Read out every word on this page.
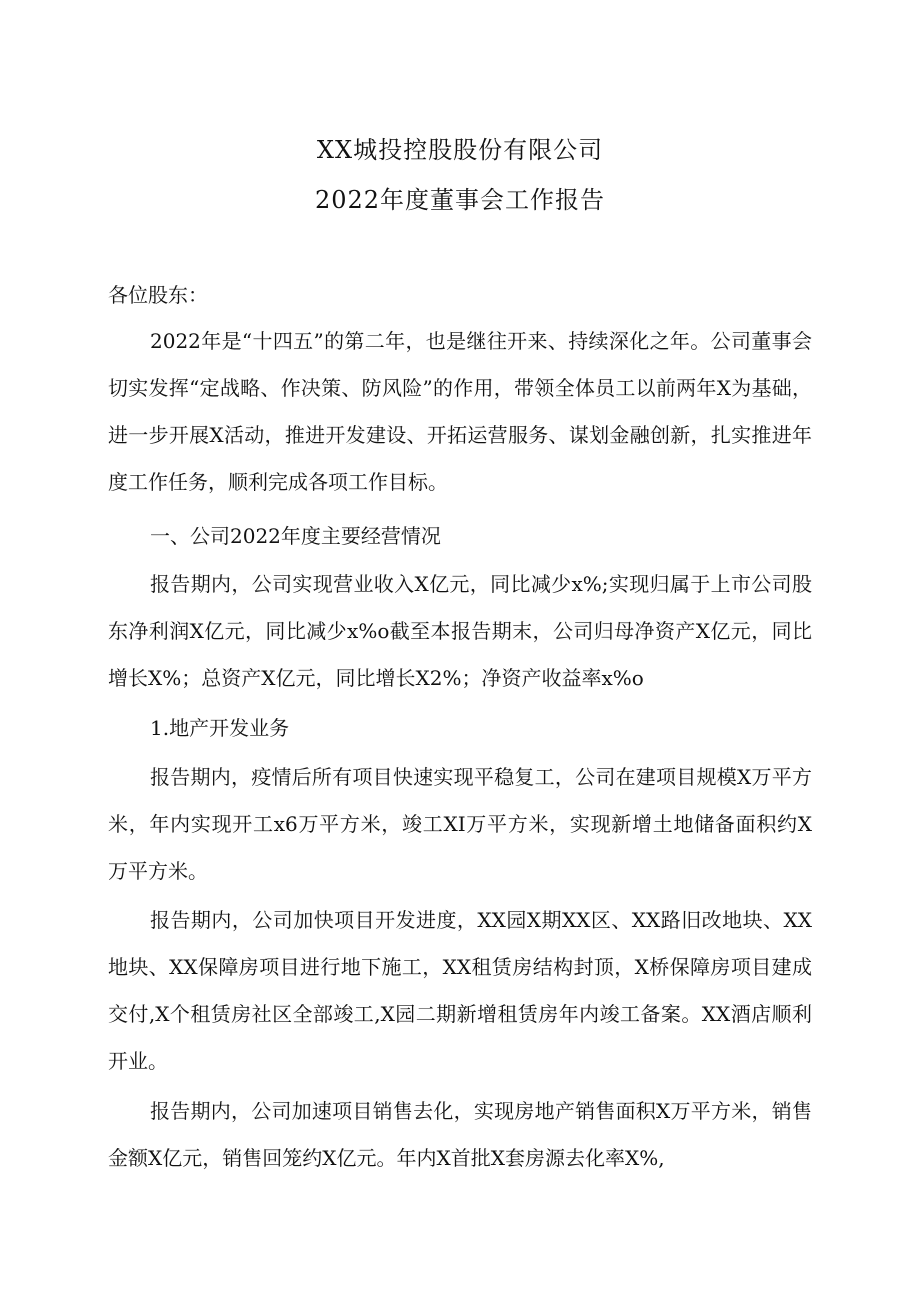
XX城投控股股份有限公司
2022年度董事会工作报告
各位股东：
2022年是“十四五”的第二年，也是继往开来、持续深化之年。公司董事会
切实发挥“定战略、作决策、防风险”的作用，带领全体员工以前两年X为基础，
进一步开展X活动，推进开发建设、开拓运营服务、谋划金融创新，扎实推进年
度工作任务，顺利完成各项工作目标。
一、公司2022年度主要经营情况
报告期内，公司实现营业收入X亿元，同比减少x%;实现归属于上市公司股
东净利润X亿元，同比减少x%o截至本报告期末，公司归母净资产X亿元，同比
增长X%；总资产X亿元，同比增长X2%；净资产收益率x%o
1.地产开发业务
报告期内，疫情后所有项目快速实现平稳复工，公司在建项目规模X万平方
米，年内实现开工x6万平方米，竣工XI万平方米，实现新增土地储备面积约X
万平方米。
报告期内，公司加快项目开发进度，XX园X期XX区、XX路旧改地块、XX
地块、XX保障房项目进行地下施工，XX租赁房结构封顶，X桥保障房项目建成
交付,X个租赁房社区全部竣工,X园二期新增租赁房年内竣工备案。XX酒店顺利
开业。
报告期内，公司加速项目销售去化，实现房地产销售面积X万平方米，销售
金额X亿元，销售回笼约X亿元。年内X首批X套房源去化率X%,
